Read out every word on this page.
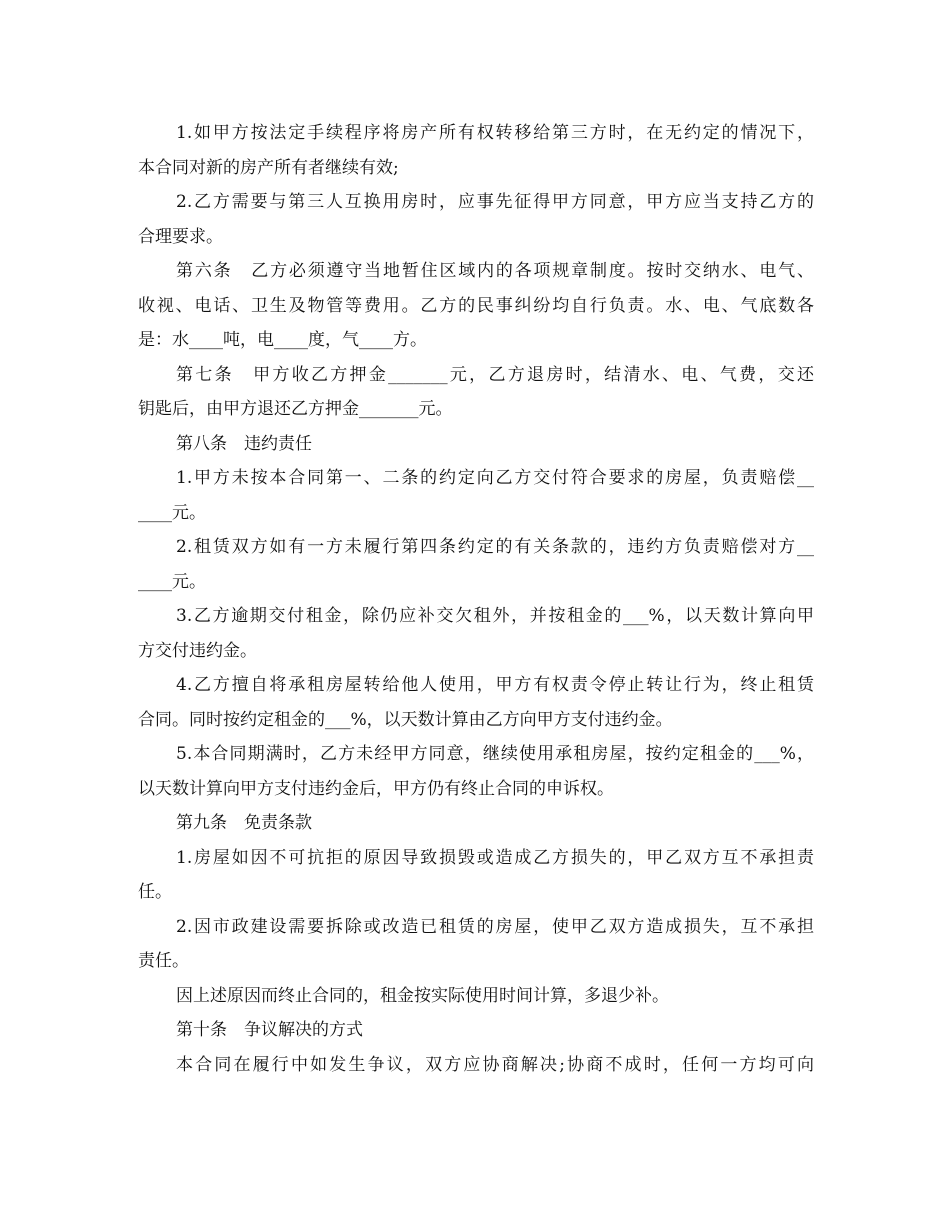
1.如甲方按法定手续程序将房产所有权转移给第三方时，在无约定的情况下，
本合同对新的房产所有者继续有效;
2.乙方需要与第三人互换用房时，应事先征得甲方同意，甲方应当支持乙方的
合理要求。
第六条　乙方必须遵守当地暂住区域内的各项规章制度。按时交纳水、电气、
收视、电话、卫生及物管等费用。乙方的民事纠纷均自行负责。水、电、气底数各
是：水____吨，电____度，气____方。
第七条　甲方收乙方押金_______元，乙方退房时，结清水、电、气费，交还
钥匙后，由甲方退还乙方押金_______元。
第八条　违约责任
1.甲方未按本合同第一、二条的约定向乙方交付符合要求的房屋，负责赔偿__
____元。
2.租赁双方如有一方未履行第四条约定的有关条款的，违约方负责赔偿对方__
____元。
3.乙方逾期交付租金，除仍应补交欠租外，并按租金的___%，以天数计算向甲
方交付违约金。
4.乙方擅自将承租房屋转给他人使用，甲方有权责令停止转让行为，终止租赁
合同。同时按约定租金的___%，以天数计算由乙方向甲方支付违约金。
5.本合同期满时，乙方未经甲方同意，继续使用承租房屋，按约定租金的___%，
以天数计算向甲方支付违约金后，甲方仍有终止合同的申诉权。
第九条　免责条款
1.房屋如因不可抗拒的原因导致损毁或造成乙方损失的，甲乙双方互不承担责
任。
2.因市政建设需要拆除或改造已租赁的房屋，使甲乙双方造成损失，互不承担
责任。
因上述原因而终止合同的，租金按实际使用时间计算，多退少补。
第十条　争议解决的方式
本合同在履行中如发生争议，双方应协商解决;协商不成时，任何一方均可向
